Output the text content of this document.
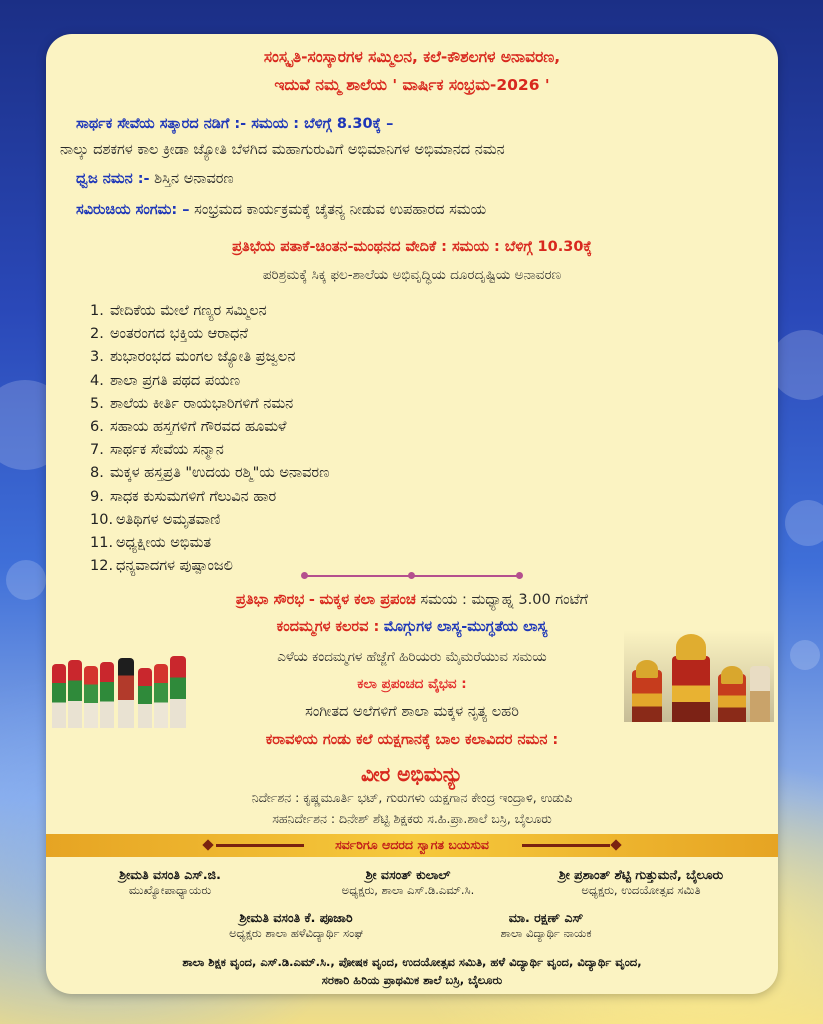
ಸಂಸ್ಕೃತಿ-ಸಂಸ್ಕಾರಗಳ ಸಮ್ಮಿಲನ, ಕಲೆ-ಕೌಶಲಗಳ ಅನಾವರಣ,
ಇದುವೆ ನಮ್ಮ ಶಾಲೆಯ ' ವಾರ್ಷಿಕ ಸಂಭ್ರಮ-2026 '
ಸಾರ್ಥಕ ಸೇವೆಯ ಸತ್ಕಾರದ ನಡಿಗೆ :- ಸಮಯ : ಬೆಳಿಗ್ಗೆ 8.30ಕ್ಕೆ –
ನಾಲ್ಕು ದಶಕಗಳ ಕಾಲ ಕ್ರೀಡಾ ಜ್ಯೋತಿ ಬೆಳಗಿದ ಮಹಾಗುರುವಿಗೆ ಅಭಿಮಾನಿಗಳ ಅಭಿಮಾನದ ನಮನ
ಧ್ವಜ ನಮನ :- ಶಿಸ್ತಿನ ಅನಾವರಣ
ಸವಿರುಚಿಯ ಸಂಗಮ: – ಸಂಭ್ರಮದ ಕಾರ್ಯಕ್ರಮಕ್ಕೆ ಚೈತನ್ಯ ನೀಡುವ ಉಪಹಾರದ ಸಮಯ
ಪ್ರತಿಭೆಯ ಪತಾಕೆ-ಚಿಂತನ-ಮಂಥನದ ವೇದಿಕೆ : ಸಮಯ : ಬೆಳಿಗ್ಗೆ 10.30ಕ್ಕೆ
ಪರಿಶ್ರಮಕ್ಕೆ ಸಿಕ್ಕ ಫಲ-ಶಾಲೆಯ ಅಭಿವೃದ್ಧಿಯ ದೂರದೃಷ್ಟಿಯ ಅನಾವರಣ
1. ವೇದಿಕೆಯ ಮೇಲೆ ಗಣ್ಯರ ಸಮ್ಮಿಲನ
2. ಅಂತರಂಗದ ಭಕ್ತಿಯ ಆರಾಧನೆ
3. ಶುಭಾರಂಭದ ಮಂಗಲ ಜ್ಯೋತಿ ಪ್ರಜ್ವಲನ
4. ಶಾಲಾ ಪ್ರಗತಿ ಪಥದ ಪಯಣ
5. ಶಾಲೆಯ ಕೀರ್ತಿ ರಾಯಭಾರಿಗಳಿಗೆ ನಮನ
6. ಸಹಾಯ ಹಸ್ತಗಳಿಗೆ ಗೌರವದ ಹೂಮಳೆ
7. ಸಾರ್ಥಕ ಸೇವೆಯ ಸನ್ಮಾನ
8. ಮಕ್ಕಳ ಹಸ್ತಪ್ರತಿ "ಉದಯ ರಶ್ಮಿ"ಯ ಅನಾವರಣ
9. ಸಾಧಕ ಕುಸುಮಗಳಿಗೆ ಗೆಲುವಿನ ಹಾರ
10. ಅತಿಥಿಗಳ ಅಮೃತವಾಣಿ
11. ಅಧ್ಯಕ್ಷೀಯ ಅಭಿಮತ
12. ಧನ್ಯವಾದಗಳ ಪುಷ್ಪಾಂಜಲಿ
ಪ್ರತಿಭಾ ಸೌರಭ - ಮಕ್ಕಳ ಕಲಾ ಪ್ರಪಂಚ ಸಮಯ : ಮಧ್ಯಾಹ್ನ 3.00 ಗಂಟೆಗೆ
ಕಂದಮ್ಮಗಳ ಕಲರವ : ಮೊಗ್ಗುಗಳ ಲಾಸ್ಯ-ಮುಗ್ಧತೆಯ ಲಾಸ್ಯ
ಎಳೆಯ ಕಂದಮ್ಮಗಳ ಹೆಜ್ಜೆಗೆ ಹಿರಿಯರು ಮೈಮರೆಯುವ ಸಮಯ
ಕಲಾ ಪ್ರಪಂಚದ ವೈಭವ :
ಸಂಗೀತದ ಅಲೆಗಳಿಗೆ ಶಾಲಾ ಮಕ್ಕಳ ನೃತ್ಯ ಲಹರಿ
ಕರಾವಳಿಯ ಗಂಡು ಕಲೆ ಯಕ್ಷಗಾನಕ್ಕೆ ಬಾಲ ಕಲಾವಿದರ ನಮನ :
ವೀರ ಅಭಿಮನ್ಯು
ನಿರ್ದೇಶನ : ಕೃಷ್ಣಮೂರ್ತಿ ಭಟ್, ಗುರುಗಳು ಯಕ್ಷಗಾನ ಕೇಂದ್ರ ಇಂದ್ರಾಳಿ, ಉಡುಪಿ
ಸಹನಿರ್ದೇಶನ : ದಿನೇಶ್ ಶೆಟ್ಟಿ ಶಿಕ್ಷಕರು ಸ.ಹಿ.ಪ್ರಾ.ಶಾಲೆ ಬಸ್ರಿ, ಬೈಲೂರು
ಸರ್ವರಿಗೂ ಆದರದ ಸ್ವಾಗತ ಬಯಸುವ
ಶ್ರೀಮತಿ ವಸಂತಿ ಎಸ್.ಜಿ.
ಮುಖ್ಯೋಪಾಧ್ಯಾಯರು
ಶ್ರೀ ವಸಂತ್ ಕುಲಾಲ್
ಅಧ್ಯಕ್ಷರು, ಶಾಲಾ ಎಸ್.ಡಿ.ಎಮ್.ಸಿ.
ಶ್ರೀ ಪ್ರಶಾಂತ್ ಶೆಟ್ಟಿ ಗುತ್ತುಮನೆ, ಬೈಲೂರು
ಅಧ್ಯಕ್ಷರು, ಉದಯೋತ್ಸವ ಸಮಿತಿ
ಶ್ರೀಮತಿ ವಸಂತಿ ಕೆ. ಪೂಜಾರಿ
ಅಧ್ಯಕ್ಷರು ಶಾಲಾ ಹಳೆವಿದ್ಯಾರ್ಥಿ ಸಂಘ
ಮಾ. ರಕ್ಷಣ್ ಎಸ್
ಶಾಲಾ ವಿದ್ಯಾರ್ಥಿ ನಾಯಕ
ಶಾಲಾ ಶಿಕ್ಷಕ ವೃಂದ, ಎಸ್.ಡಿ.ಎಮ್.ಸಿ., ಪೋಷಕ ವೃಂದ, ಉದಯೋತ್ಸವ ಸಮಿತಿ, ಹಳೆ ವಿದ್ಯಾರ್ಥಿ ವೃಂದ, ವಿದ್ಯಾರ್ಥಿ ವೃಂದ,
ಸರಕಾರಿ ಹಿರಿಯ ಪ್ರಾಥಮಿಕ ಶಾಲೆ ಬಸ್ರಿ, ಬೈಲೂರು
